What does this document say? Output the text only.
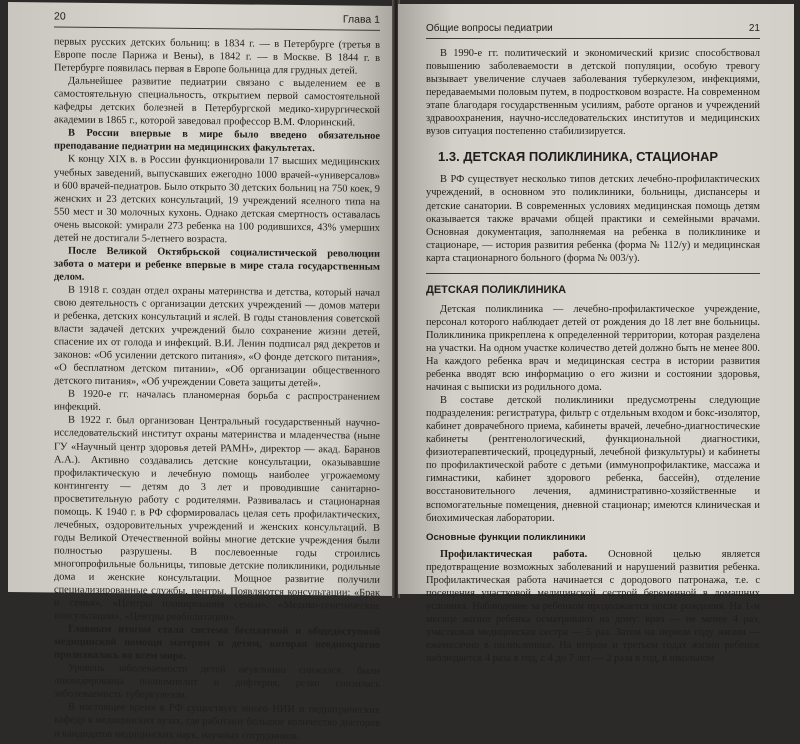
20	Глава 1

первых русских детских больниц: в 1834 г. — в Петербурге (третья в Европе после Парижа и Вены), в 1842 г. — в Москве. В 1844 г. в Петербурге появилась первая в Европе больница для грудных детей.

Дальнейшее развитие педиатрии связано с выделением ее в самостоятельную специальность, открытием первой самостоятельной кафедры детских болезней в Петербургской медико-хирургической академии в 1865 г., которой заведовал профессор В.М. Флоринский.

В России впервые в мире было введено обязательное преподавание педиатрии на медицинских факультетах.

К концу XIX в. в России функционировали 17 высших медицинских учебных заведений, выпускавших ежегодно 1000 врачей-«универсалов» и 600 врачей-педиатров. Было открыто 30 детских больниц на 750 коек, 9 женских и 23 детских консультаций, 19 учреждений яселного типа на 550 мест и 30 молочных кухонь. Однако детская смертность оставалась очень высокой: умирали 273 ребенка на 100 родившихся, 43% умерших детей не достигали 5-летнего возраста.

После Великой Октябрьской социалистической революции забота о матери и ребенке впервые в мире стала государственным делом.

В 1918 г. создан отдел охраны материнства и детства, который начал свою деятельность с организации детских учреждений — домов матери и ребенка, детских консультаций и яслей. В годы становления советской власти задачей детских учреждений было сохранение жизни детей, спасение их от голода и инфекций. В.И. Ленин подписал ряд декретов и законов: «Об усилении детского питания», «О фонде детского питания», «О бесплатном детском питании», «Об организации общественного детского питания», «Об учреждении Совета защиты детей».

В 1920-е гг. началась планомерная борьба с распространением инфекций.

В 1922 г. был организован Центральный государственный научно-исследовательский институт охраны материнства и младенчества (ныне ГУ «Научный центр здоровья детей РАМН», директор — акад. Баранов А.А.). Активно создавались детские консультации, оказывавшие профилактическую и лечебную помощь наиболее угрожаемому контингенту — детям до 3 лет и проводившие санитарно-просветительную работу с родителями. Развивалась и стационарная помощь. К 1940 г. в РФ сформировалась целая сеть профилактических, лечебных, оздоровительных учреждений и женских консультаций. В годы Великой Отечественной войны многие детские учреждения были полностью разрушены. В послевоенные годы строились многопрофильные больницы, типовые детские поликлиники, родильные дома и женские консультации. Мощное развитие получили специализированные службы, центры. Появляются консультации: «Брак и семья», «Центры планирования семьи», «Медико-генетические консультации», «Центры реабилитации».

Главным итогом стала система бесплатной и общедоступной медицинской помощи матерям и детям, которая неоднократно признавалась во всем мире.

Уровень заболеваемости детей неуклонно снижался, были ликвидированы полиомиелит и дифтерия, резко снизилась заболеваемость туберкулезом.

В настоящее время в РФ существует много НИИ и педиатрических кафедр в медицинских вузах, где работают большое количество докторов и кандидатов медицинских наук, научных сотрудников.

Общие вопросы педиатрии	21

В 1990-е гг. политический и экономический кризис способствовал повышению заболеваемости в детской популяции, особую тревогу вызывает увеличение случаев заболевания туберкулезом, инфекциями, передаваемыми половым путем, в подростковом возрасте. На современном этапе благодаря государственным усилиям, работе органов и учреждений здравоохранения, научно-исследовательских институтов и медицинских вузов ситуация постепенно стабилизируется.

1.3. ДЕТСКАЯ ПОЛИКЛИНИКА, СТАЦИОНАР

В РФ существует несколько типов детских лечебно-профилактических учреждений, в основном это поликлиники, больницы, диспансеры и детские санатории. В современных условиях медицинская помощь детям оказывается также врачами общей практики и семейными врачами. Основная документация, заполняемая на ребенка в поликлинике и стационаре, — история развития ребенка (форма № 112/у) и медицинская карта стационарного больного (форма № 003/у).

ДЕТСКАЯ ПОЛИКЛИНИКА

Детская поликлиника — лечебно-профилактическое учреждение, персонал которого наблюдает детей от рождения до 18 лет вне больницы. Поликлиника прикреплена к определенной территории, которая разделена на участки. На одном участке количество детей должно быть не менее 800. На каждого ребенка врач и медицинская сестра в истории развития ребенка вводят всю информацию о его жизни и состоянии здоровья, начиная с выписки из родильного дома.

В составе детской поликлиники предусмотрены следующие подразделения: регистратура, фильтр с отдельным входом и бокс-изолятор, кабинет доврачебного приема, кабинеты врачей, лечебно-диагностические кабинеты (рентгенологический, функциональной диагностики, физиотерапевтический, процедурный, лечебной физкультуры) и кабинеты по профилактической работе с детьми (иммунопрофилактике, массажа и гимнастики, кабинет здорового ребенка, бассейн), отделение восстановительного лечения, административно-хозяйственные и вспомогательные помещения, дневной стационар; имеются клиническая и биохимическая лаборатории.

Основные функции поликлиники

Профилактическая работа. Основной целью является предотвращение возможных заболеваний и нарушений развития ребенка. Профилактическая работа начинается с дородового патронажа, т.е. с посещения участковой медицинской сестрой беременной в домашних условиях. Наблюдение за ребенком продолжается после рождения. На 1-м месяце жизни ребенка осматривают на дому: врач — не менее 4 раз, участковая медицинская сестра — 5 раз. Затем на первом году жизни — ежемесячно в поликлинике. На втором и третьем годах жизни ребенок наблюдается 4 раза в год, с 4 до 7 лет — 2 раза в год, в школьном
